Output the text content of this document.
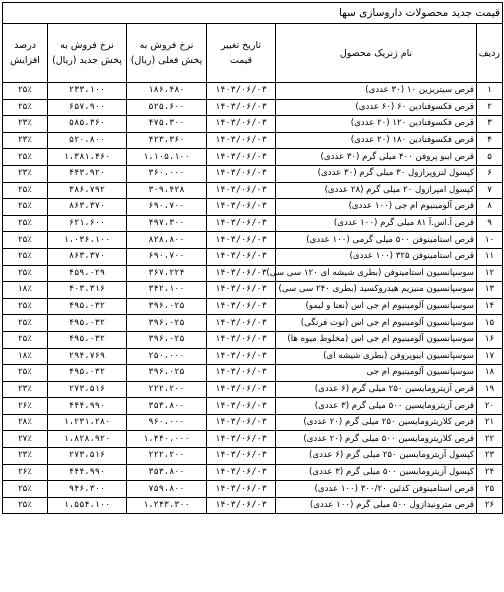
قیمت جدید محصولات داروسازی سها					
ردیف	نام ژنریک محصول	تاریخ تغییر قیمت	نرخ فروش به پخش فعلی (ریال)	نرخ فروش به پخش جدید (ریال)	درصد افزایش
۱	قرص سیتریزین ۱۰ (۳۰ عددی)	۱۴۰۳/۰۶/۰۳	۱۸۶،۴۸۰	۲۳۳،۱۰۰	۲۵٪
۲	قرص فکسوفنادین ۶۰ (۶۰ عددی)	۱۴۰۳/۰۶/۰۳	۵۲۵،۶۰۰	۶۵۷،۹۰۰	۲۵٪
۳	قرص فکسوفنادین ۱۲۰ (۲۰ عددی)	۱۴۰۳/۰۶/۰۳	۴۷۵،۳۰۰	۵۸۵،۳۶۰	۲۳٪
۴	قرص فکسوفنادین ۱۸۰ (۲۰ عددی)	۱۴۰۳/۰۶/۰۳	۴۲۳،۳۶۰	۵۲۰،۸۰۰	۲۳٪
۵	قرص ایبو پروفن ۴۰۰ میلی گرم (۳۰ عددی)	۱۴۰۳/۰۶/۰۳	۱،۱۰۵،۱۰۰	۱،۳۸۱،۴۶۰	۲۵٪
۶	کپسول لنزوپرازول ۳۰ میلی گرم (۳۰ عددی)	۱۴۰۳/۰۶/۰۳	۳۶۰،۰۰۰	۴۴۳،۹۲۰	۲۳٪
۷	کپسول امپرازول ۲۰ میلی گرم (۲۸ عددی)	۱۴۰۳/۰۶/۰۳	۳۰۹،۴۲۸	۳۸۶،۷۹۲	۲۵٪
۸	قرص آلومینیوم ام جی (۱۰۰ عددی)	۱۴۰۳/۰۶/۰۳	۶۹۰،۷۰۰	۸۶۳،۳۷۰	۲۵٪
۹	قرص آ.اس.آ ۸۱ میلی گرم (۱۰۰ عددی)	۱۴۰۳/۰۶/۰۳	۴۹۷،۳۰۰	۶۲۱،۶۰۰	۲۵٪
۱۰	قرص استامینوفن ۵۰۰ میلی گرمی (۱۰۰ عددی)	۱۴۰۳/۰۶/۰۳	۸۲۸،۸۰۰	۱،۰۳۶،۱۰۰	۲۵٪
۱۱	قرص استامینوفن ۳۲۵ (۱۰۰ عددی)	۱۴۰۳/۰۶/۰۳	۶۹۰،۷۰۰	۸۶۳،۳۷۰	۲۵٪
۱۲	سوسپانسیون استامینوفن (بطری شیشه ای ۱۲۰ سی سی)	۱۴۰۳/۰۶/۰۳	۳۶۷،۲۲۴	۴۵۹،۰۲۹	۲۵٪
۱۳	سوسپانسیون منیزیم هیدروکسید (بطری ۲۴۰ سی سی)	۱۴۰۳/۰۶/۰۳	۳۴۲،۱۰۰	۴۰۳،۳۱۶	۱۸٪
۱۴	سوسپانسیون آلومینیوم ام جی اس (نعنا و لیمو)	۱۴۰۳/۰۶/۰۳	۳۹۶،۰۲۵	۴۹۵،۰۳۲	۲۵٪
۱۵	سوسپانسیون آلومینیوم ام جی اس (توت فرنگی)	۱۴۰۳/۰۶/۰۳	۳۹۶،۰۲۵	۴۹۵،۰۳۲	۲۵٪
۱۶	سوسپانسیون آلومینیوم ام جی اس (مخلوط میوه ها)	۱۴۰۳/۰۶/۰۳	۳۹۶،۰۲۵	۴۹۵،۰۳۲	۲۵٪
۱۷	سوسپانسیون ایبوپروفن (بطری شیشه ای)	۱۴۰۳/۰۶/۰۳	۲۵۰،۰۰۰	۲۹۴،۷۶۹	۱۸٪
۱۸	سوسپانسیون آلومینیوم ام جی	۱۴۰۳/۰۶/۰۳	۳۹۶،۰۲۵	۴۹۵،۰۳۲	۲۵٪
۱۹	قرص آزیترومایسین ۲۵۰ میلی گرم (۶ عددی)	۱۴۰۳/۰۶/۰۳	۲۲۲،۲۰۰	۲۷۳،۵۱۶	۲۳٪
۲۰	قرص آزیترومایسین ۵۰۰ میلی گرم (۳ عددی)	۱۴۰۳/۰۶/۰۳	۳۵۳،۸۰۰	۴۴۴،۹۹۰	۲۶٪
۲۱	قرص کلاریترومایسین ۲۵۰ میلی گرم (۲۰ عددی)	۱۴۰۳/۰۶/۰۳	۹۶۰،۰۰۰	۱،۲۳۱،۲۸۰	۲۸٪
۲۲	قرص کلاریترومایسین ۵۰۰ میلی گرم (۲۰ عددی)	۱۴۰۳/۰۶/۰۳	۱،۴۴۰،۰۰۰	۱،۸۲۸،۹۲۰	۲۷٪
۲۳	کپسول آزیترومایسین ۲۵۰ میلی گرم (۶ عددی)	۱۴۰۳/۰۶/۰۳	۲۲۲،۲۰۰	۲۷۳،۵۱۶	۲۳٪
۲۴	کپسول آزیترومایسین ۵۰۰ میلی گرم (۳ عددی)	۱۴۰۳/۰۶/۰۳	۳۵۳،۸۰۰	۴۴۴،۹۹۰	۲۶٪
۲۵	قرص استامینوفن کدئین ۳۰۰/۲۰ (۱۰۰ عددی)	۱۴۰۳/۰۶/۰۳	۷۵۹،۸۰۰	۹۴۶،۳۰۰	۲۵٪
۲۶	قرص مترونیدازول ۵۰۰ میلی گرم (۱۰۰ عددی)	۱۴۰۳/۰۶/۰۳	۱،۲۴۳،۳۰۰	۱،۵۵۴،۱۰۰	۲۵٪
